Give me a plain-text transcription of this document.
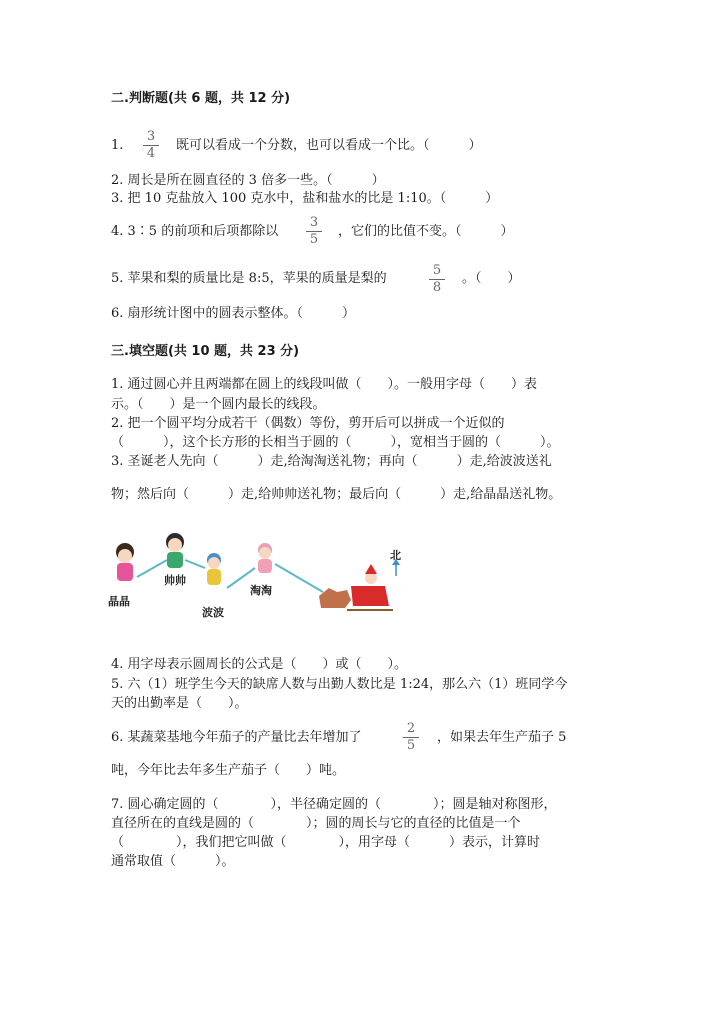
二.判断题(共 6 题，共 12 分)
1.
3
4
既可以看成一个分数，也可以看成一个比。（　　　）
2. 周长是所在圆直径的 3 倍多一些。（　　　）
3. 把 10 克盐放入 100 克水中，盐和盐水的比是 1:10。（　　　）
4. 3∶5 的前项和后项都除以
3
5
，它们的比值不变。（　　　）
5. 苹果和梨的质量比是 8:5，苹果的质量是梨的
5
8
。（　　）
6. 扇形统计图中的圆表示整体。（　　　）
三.填空题(共 10 题，共 23 分)
1. 通过圆心并且两端都在圆上的线段叫做（　　）。一般用字母（　　）表
示。（　　）是一个圆内最长的线段。
2. 把一个圆平均分成若干（偶数）等份，剪开后可以拼成一个近似的
（　　　），这个长方形的长相当于圆的（　　　），宽相当于圆的（　　　）。
3. 圣诞老人先向（　　　）走,给淘淘送礼物；再向（　　　）走,给波波送礼
物；然后向（　　　）走,给帅帅送礼物；最后向（　　　）走,给晶晶送礼物。
晶晶
帅帅
波波
淘淘
北
4. 用字母表示圆周长的公式是（　　）或（　　）。
5. 六（1）班学生今天的缺席人数与出勤人数比是 1:24，那么六（1）班同学今
天的出勤率是（　　）。
6. 某蔬菜基地今年茄子的产量比去年增加了
2
5
，如果去年生产茄子 5
吨，今年比去年多生产茄子（　　）吨。
7. 圆心确定圆的（　　　　），半径确定圆的（　　　　）；圆是轴对称图形，
直径所在的直线是圆的（　　　　）；圆的周长与它的直径的比值是一个
（　　　　），我们把它叫做（　　　　），用字母（　　　）表示，计算时
通常取值（　　　）。
